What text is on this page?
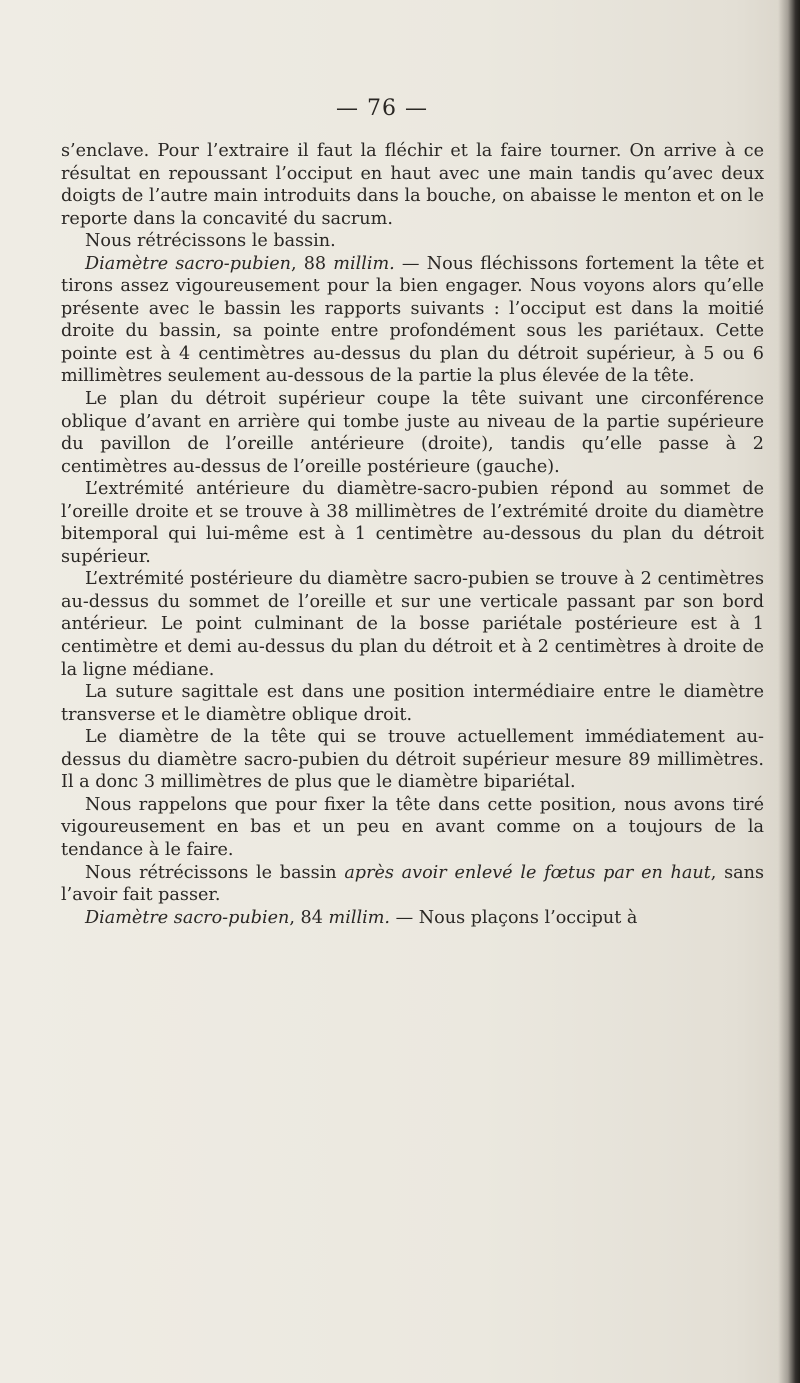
— 76 —

s’enclave. Pour l’extraire il faut la fléchir et la faire tourner. On arrive à ce résultat en repoussant l’occiput en haut avec une main tandis qu’avec deux doigts de l’autre main introduits dans la bouche, on abaisse le menton et on le reporte dans la concavité du sacrum.

Nous rétrécissons le bassin.

Diamètre sacro-pubien, 88 millim. — Nous fléchissons fortement la tête et tirons assez vigoureusement pour la bien engager. Nous voyons alors qu’elle présente avec le bassin les rapports suivants : l’occiput est dans la moitié droite du bassin, sa pointe entre profondément sous les pariétaux. Cette pointe est à 4 centimètres au-dessus du plan du détroit supérieur, à 5 ou 6 millimètres seulement au-dessous de la partie la plus élevée de la tête.

Le plan du détroit supérieur coupe la tête suivant une circonférence oblique d’avant en arrière qui tombe juste au niveau de la partie supérieure du pavillon de l’oreille antérieure (droite), tandis qu’elle passe à 2 centimètres au-dessus de l’oreille postérieure (gauche).

L’extrémité antérieure du diamètre-sacro-pubien répond au sommet de l’oreille droite et se trouve à 38 millimètres de l’extrémité droite du diamètre bitemporal qui lui-même est à 1 centimètre au-dessous du plan du détroit supérieur.

L’extrémité postérieure du diamètre sacro-pubien se trouve à 2 centimètres au-dessus du sommet de l’oreille et sur une verticale passant par son bord antérieur. Le point culminant de la bosse pariétale postérieure est à 1 centimètre et demi au-dessus du plan du détroit et à 2 centimètres à droite de la ligne médiane.

La suture sagittale est dans une position intermédiaire entre le diamètre transverse et le diamètre oblique droit.

Le diamètre de la tête qui se trouve actuellement immédiatement au-dessus du diamètre sacro-pubien du détroit supérieur mesure 89 millimètres. Il a donc 3 millimètres de plus que le diamètre bipariétal.

Nous rappelons que pour fixer la tête dans cette position, nous avons tiré vigoureusement en bas et un peu en avant comme on a toujours de la tendance à le faire.

Nous rétrécissons le bassin après avoir enlevé le fœtus par en haut, sans l’avoir fait passer.

Diamètre sacro-pubien, 84 millim. — Nous plaçons l’occiput à
